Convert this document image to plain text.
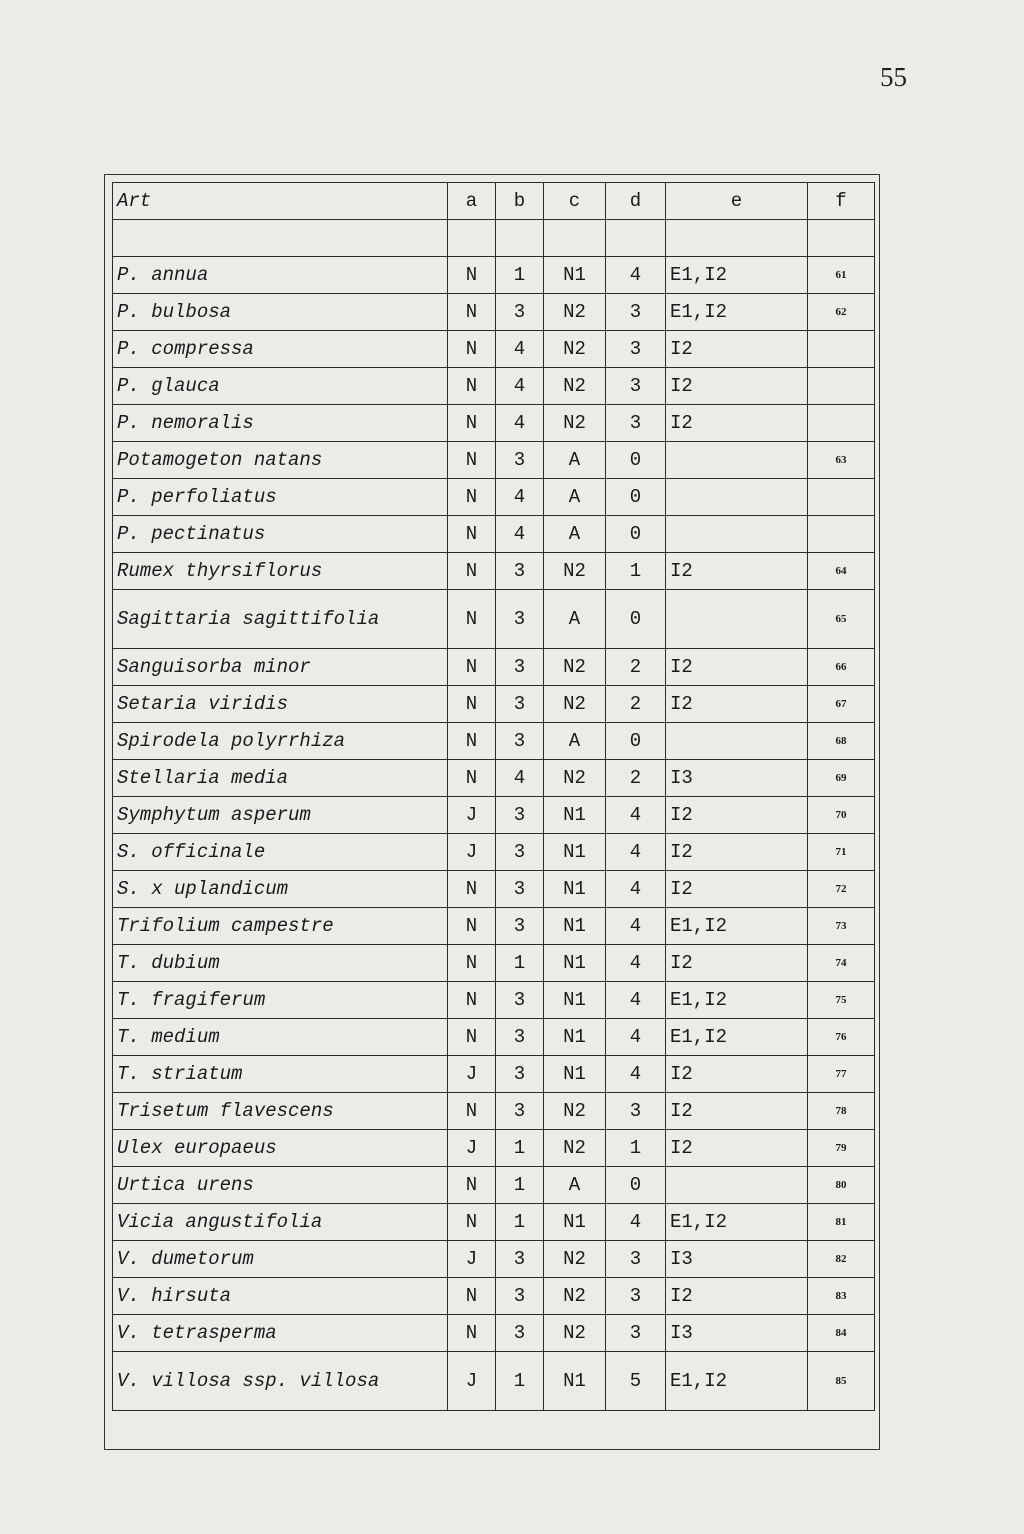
55
Art	a	b	c	d	e	f

P. annua	N	1	N1	4	E1,I2	61
P. bulbosa	N	3	N2	3	E1,I2	62
P. compressa	N	4	N2	3	I2	
P. glauca	N	4	N2	3	I2	
P. nemoralis	N	4	N2	3	I2	
Potamogeton natans	N	3	A	0		63
P. perfoliatus	N	4	A	0		
P. pectinatus	N	4	A	0		
Rumex thyrsiflorus	N	3	N2	1	I2	64
Sagittaria sagittifolia	N	3	A	0		65
Sanguisorba minor	N	3	N2	2	I2	66
Setaria viridis	N	3	N2	2	I2	67
Spirodela polyrrhiza	N	3	A	0		68
Stellaria media	N	4	N2	2	I3	69
Symphytum asperum	J	3	N1	4	I2	70
S. officinale	J	3	N1	4	I2	71
S. x uplandicum	N	3	N1	4	I2	72
Trifolium campestre	N	3	N1	4	E1,I2	73
T. dubium	N	1	N1	4	I2	74
T. fragiferum	N	3	N1	4	E1,I2	75
T. medium	N	3	N1	4	E1,I2	76
T. striatum	J	3	N1	4	I2	77
Trisetum flavescens	N	3	N2	3	I2	78
Ulex europaeus	J	1	N2	1	I2	79
Urtica urens	N	1	A	0		80
Vicia angustifolia	N	1	N1	4	E1,I2	81
V. dumetorum	J	3	N2	3	I3	82
V. hirsuta	N	3	N2	3	I2	83
V. tetrasperma	N	3	N2	3	I3	84
V. villosa ssp. villosa	J	1	N1	5	E1,I2	85
